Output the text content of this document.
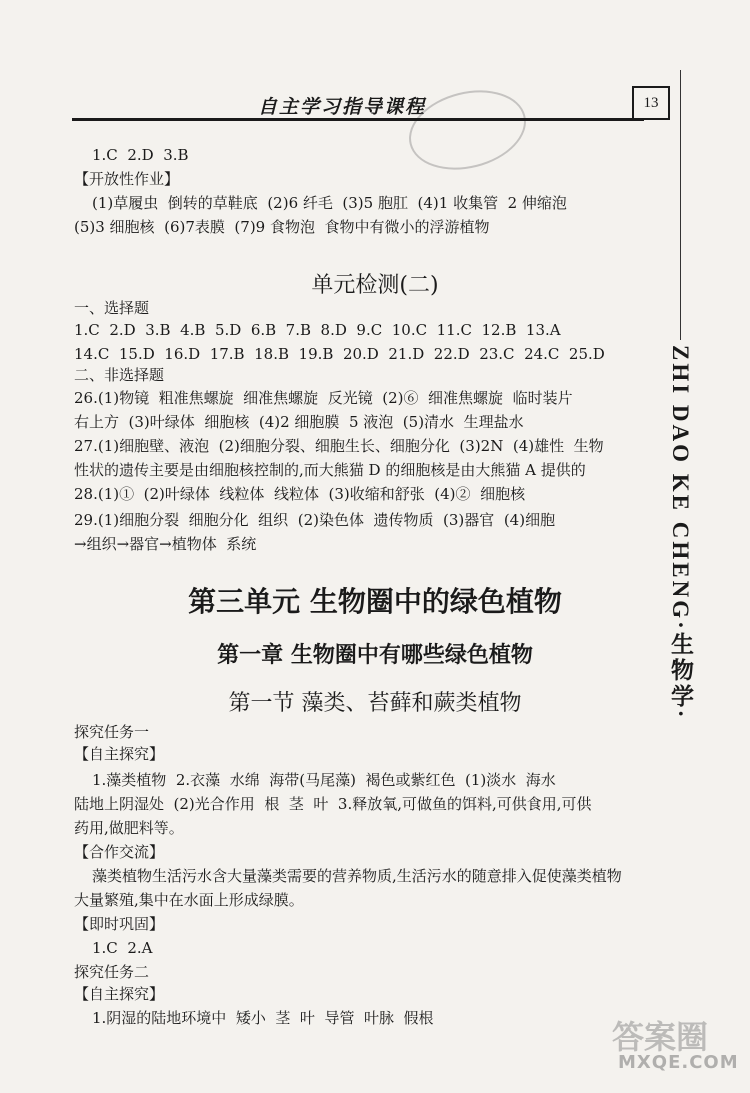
自主学习指导课程	13
ZHI DAO KE CHENG·生物学·
1.C  2.D  3.B
【开放性作业】
(1)草履虫  倒转的草鞋底  (2)6 纤毛  (3)5 胞肛  (4)1 收集管  2 伸缩泡
(5)3 细胞核  (6)7表膜  (7)9 食物泡  食物中有微小的浮游植物
单元检测(二)
一、选择题
1.C  2.D  3.B  4.B  5.D  6.B  7.B  8.D  9.C  10.C  11.C  12.B  13.A
14.C  15.D  16.D  17.B  18.B  19.B  20.D  21.D  22.D  23.C  24.C  25.D
二、非选择题
26.(1)物镜  粗准焦螺旋  细准焦螺旋  反光镜  (2)⑥  细准焦螺旋  临时装片
右上方  (3)叶绿体  细胞核  (4)2 细胞膜  5 液泡  (5)清水  生理盐水
27.(1)细胞壁、液泡  (2)细胞分裂、细胞生长、细胞分化  (3)2N  (4)雄性  生物
性状的遗传主要是由细胞核控制的,而大熊猫 D 的细胞核是由大熊猫 A 提供的
28.(1)①  (2)叶绿体  线粒体  线粒体  (3)收缩和舒张  (4)②  细胞核
29.(1)细胞分裂  细胞分化  组织  (2)染色体  遗传物质  (3)器官  (4)细胞
→组织→器官→植物体  系统
第三单元 生物圈中的绿色植物
第一章 生物圈中有哪些绿色植物
第一节 藻类、苔藓和蕨类植物
探究任务一
【自主探究】
1.藻类植物  2.衣藻  水绵  海带(马尾藻)  褐色或紫红色  (1)淡水  海水
陆地上阴湿处  (2)光合作用  根  茎  叶  3.释放氧,可做鱼的饵料,可供食用,可供
药用,做肥料等。
【合作交流】
藻类植物生活污水含大量藻类需要的营养物质,生活污水的随意排入促使藻类植物
大量繁殖,集中在水面上形成绿膜。
【即时巩固】
1.C  2.A
探究任务二
【自主探究】
1.阴湿的陆地环境中  矮小  茎  叶  导管  叶脉  假根	答案圈
MXQE.COM
